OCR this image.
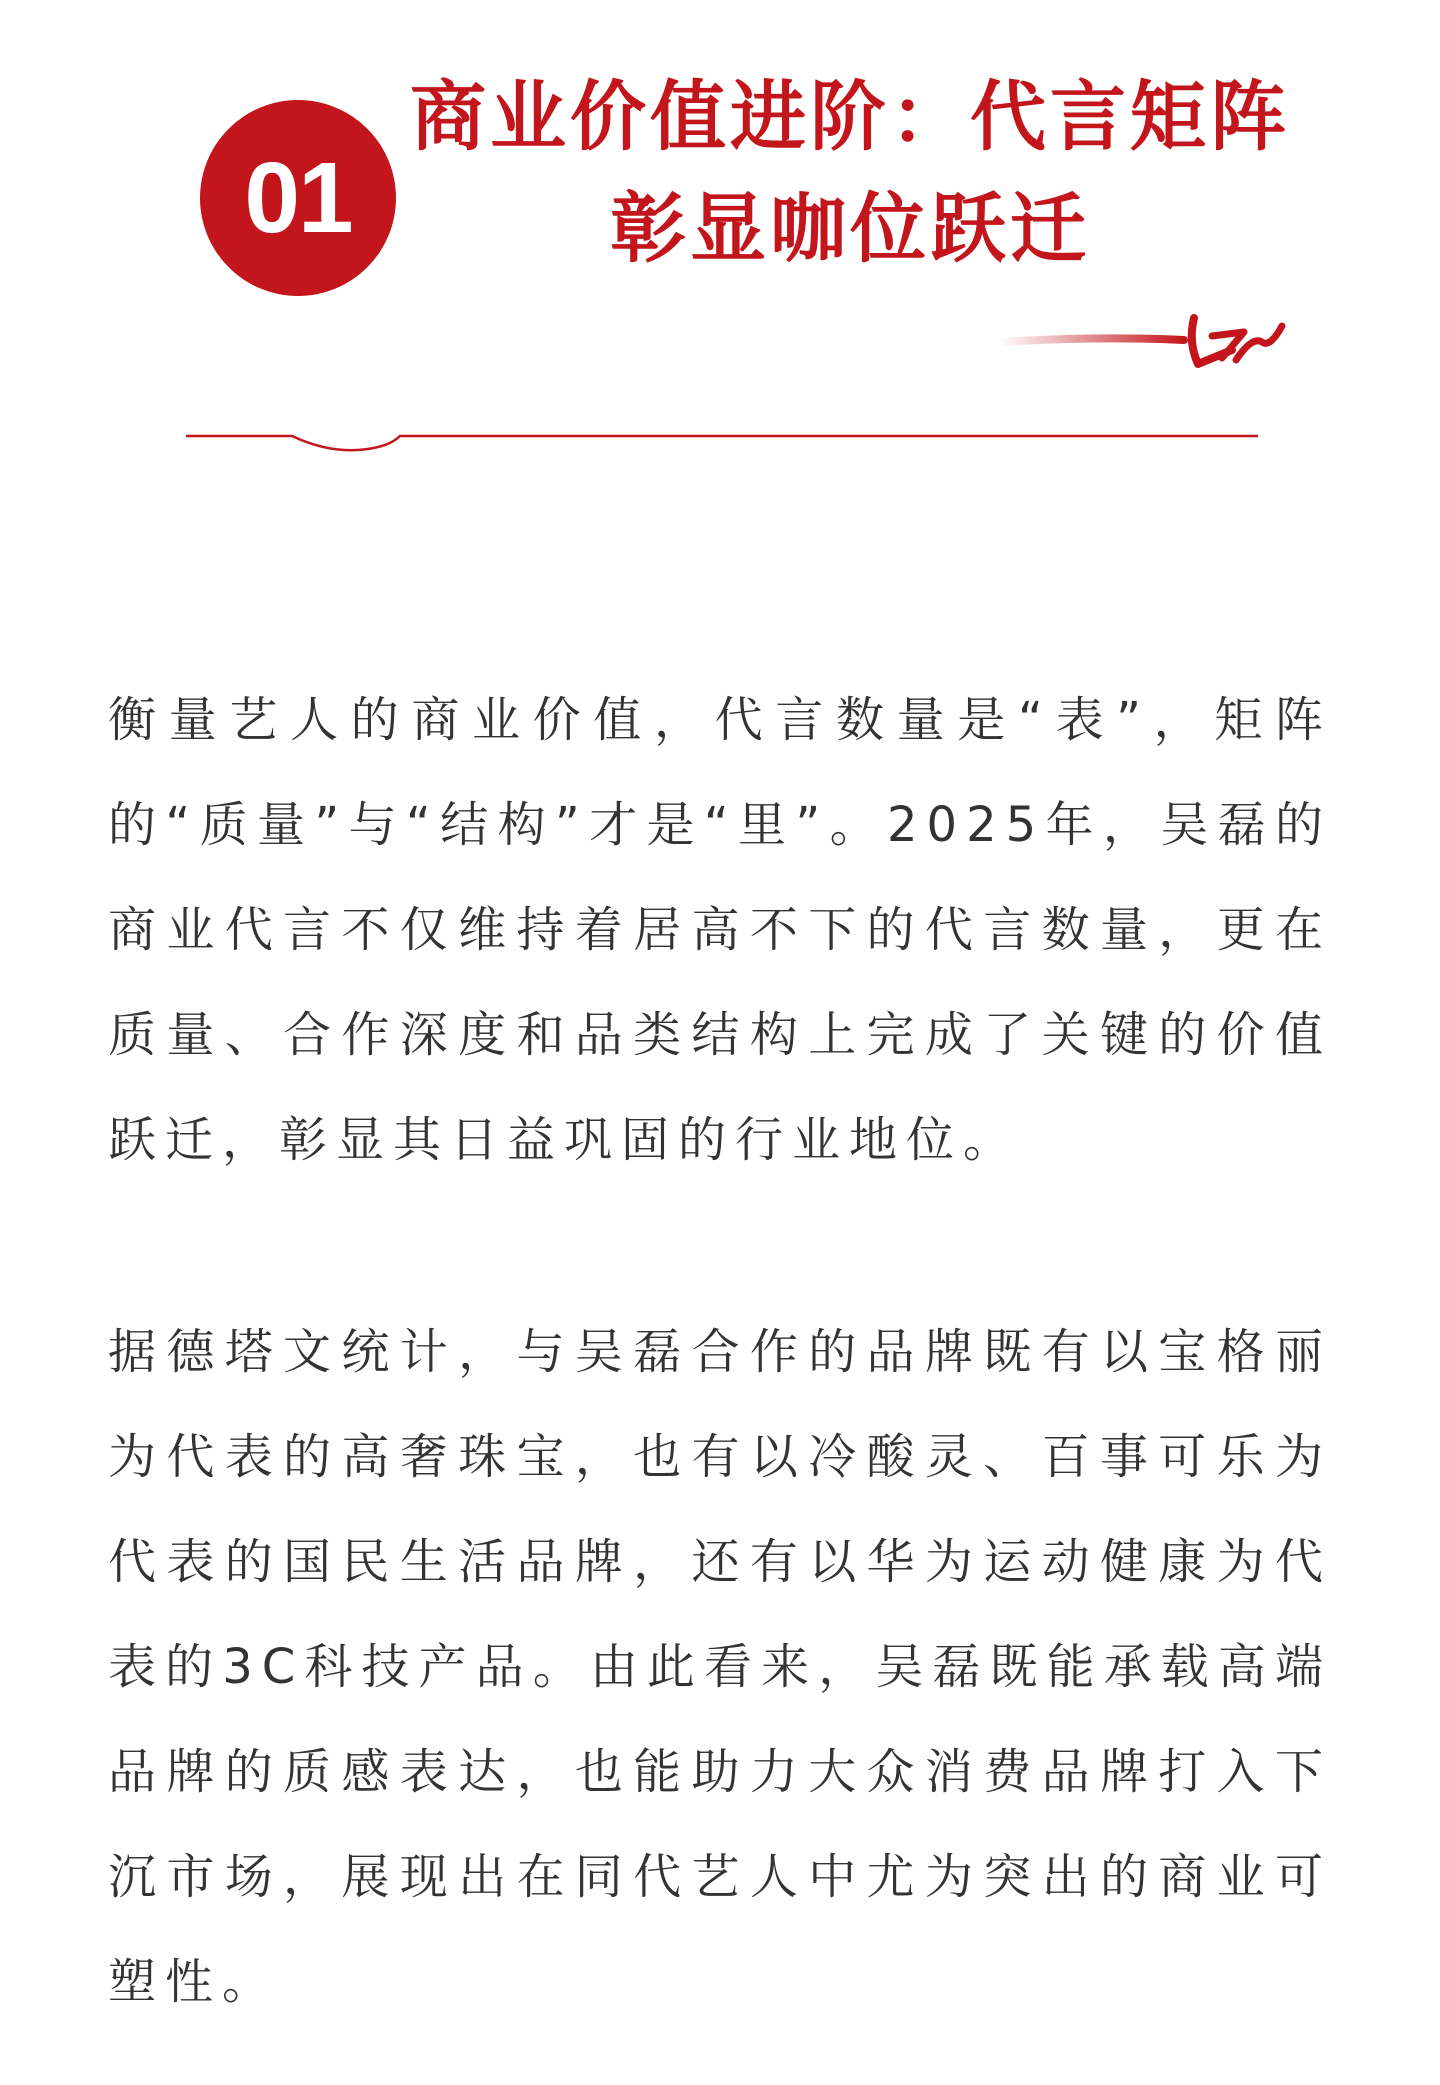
01
商业价值进阶：代言矩阵
彰显咖位跃迁

衡量艺人的商业价值，代言数量是“表”，矩阵的“质量”与“结构”才是“里”。2025年，吴磊的商业代言不仅维持着居高不下的代言数量，更在质量、合作深度和品类结构上完成了关键的价值跃迁，彰显其日益巩固的行业地位。

据德塔文统计，与吴磊合作的品牌既有以宝格丽为代表的高奢珠宝，也有以冷酸灵、百事可乐为代表的国民生活品牌，还有以华为运动健康为代表的3C科技产品。由此看来，吴磊既能承载高端品牌的质感表达，也能助力大众消费品牌打入下沉市场，展现出在同代艺人中尤为突出的商业可塑性。
